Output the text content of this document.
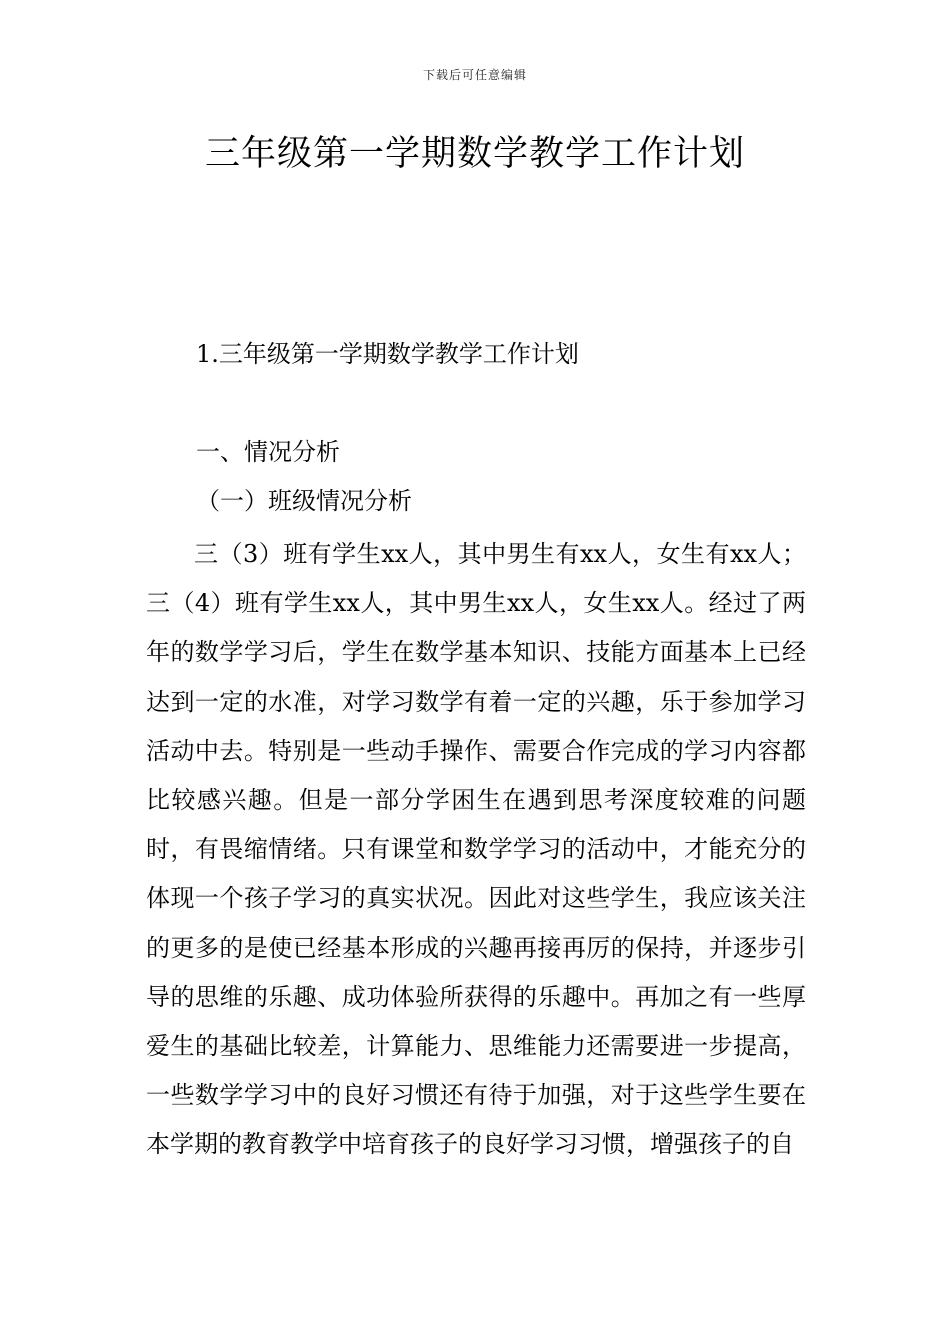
下载后可任意编辑
三年级第一学期数学教学工作计划
1.三年级第一学期数学教学工作计划
一、情况分析
（一）班级情况分析

三（3）班有学生xx人，其中男生有xx人，女生有xx人；三（4）班有学生xx人，其中男生xx人，女生xx人。经过了两年的数学学习后，学生在数学基本知识、技能方面基本上已经达到一定的水准，对学习数学有着一定的兴趣，乐于参加学习活动中去。特别是一些动手操作、需要合作完成的学习内容都比较感兴趣。但是一部分学困生在遇到思考深度较难的问题时，有畏缩情绪。只有课堂和数学学习的活动中，才能充分的体现一个孩子学习的真实状况。因此对这些学生，我应该关注的更多的是使已经基本形成的兴趣再接再厉的保持，并逐步引导的思维的乐趣、成功体验所获得的乐趣中。再加之有一些厚爱生的基础比较差，计算能力、思维能力还需要进一步提高，一些数学学习中的良好习惯还有待于加强，对于这些学生要在本学期的教育教学中培育孩子的良好学习习惯，增强孩子的自
